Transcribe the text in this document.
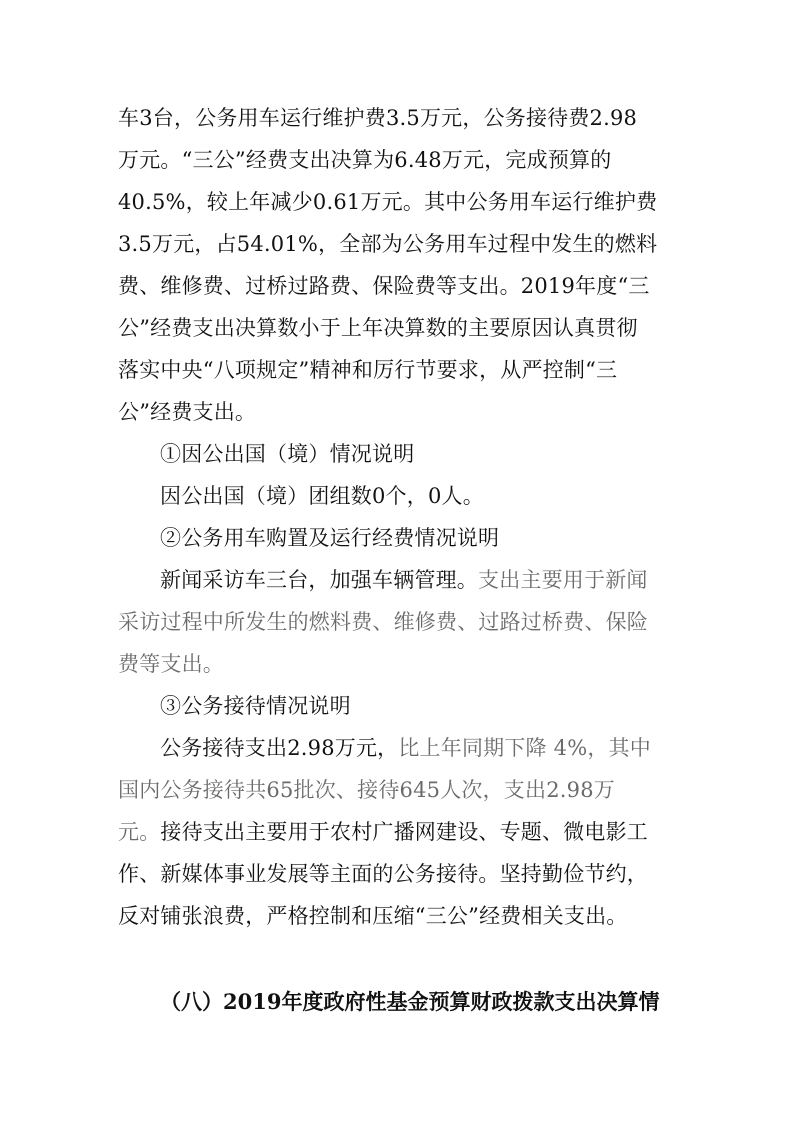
车3台，公务用车运行维护费3.5万元，公务接待费2.98
万元。“三公”经费支出决算为6.48万元，完成预算的
40.5%，较上年减少0.61万元。其中公务用车运行维护费
3.5万元，占54.01%，全部为公务用车过程中发生的燃料
费、维修费、过桥过路费、保险费等支出。2019年度“三
公”经费支出决算数小于上年决算数的主要原因认真贯彻
落实中央“八项规定”精神和厉行节要求，从严控制“三
公”经费支出。
①因公出国（境）情况说明
因公出国（境）团组数0个，0人。
②公务用车购置及运行经费情况说明
新闻采访车三台，加强车辆管理。支出主要用于新闻
采访过程中所发生的燃料费、维修费、过路过桥费、保险
费等支出。
③公务接待情况说明
公务接待支出2.98万元，比上年同期下降 4%，其中
国内公务接待共65批次、接待645人次，支出2.98万
元。接待支出主要用于农村广播网建设、专题、微电影工
作、新媒体事业发展等主面的公务接待。坚持勤俭节约，
反对铺张浪费，严格控制和压缩“三公”经费相关支出。
（八）2019年度政府性基金预算财政拨款支出决算情
